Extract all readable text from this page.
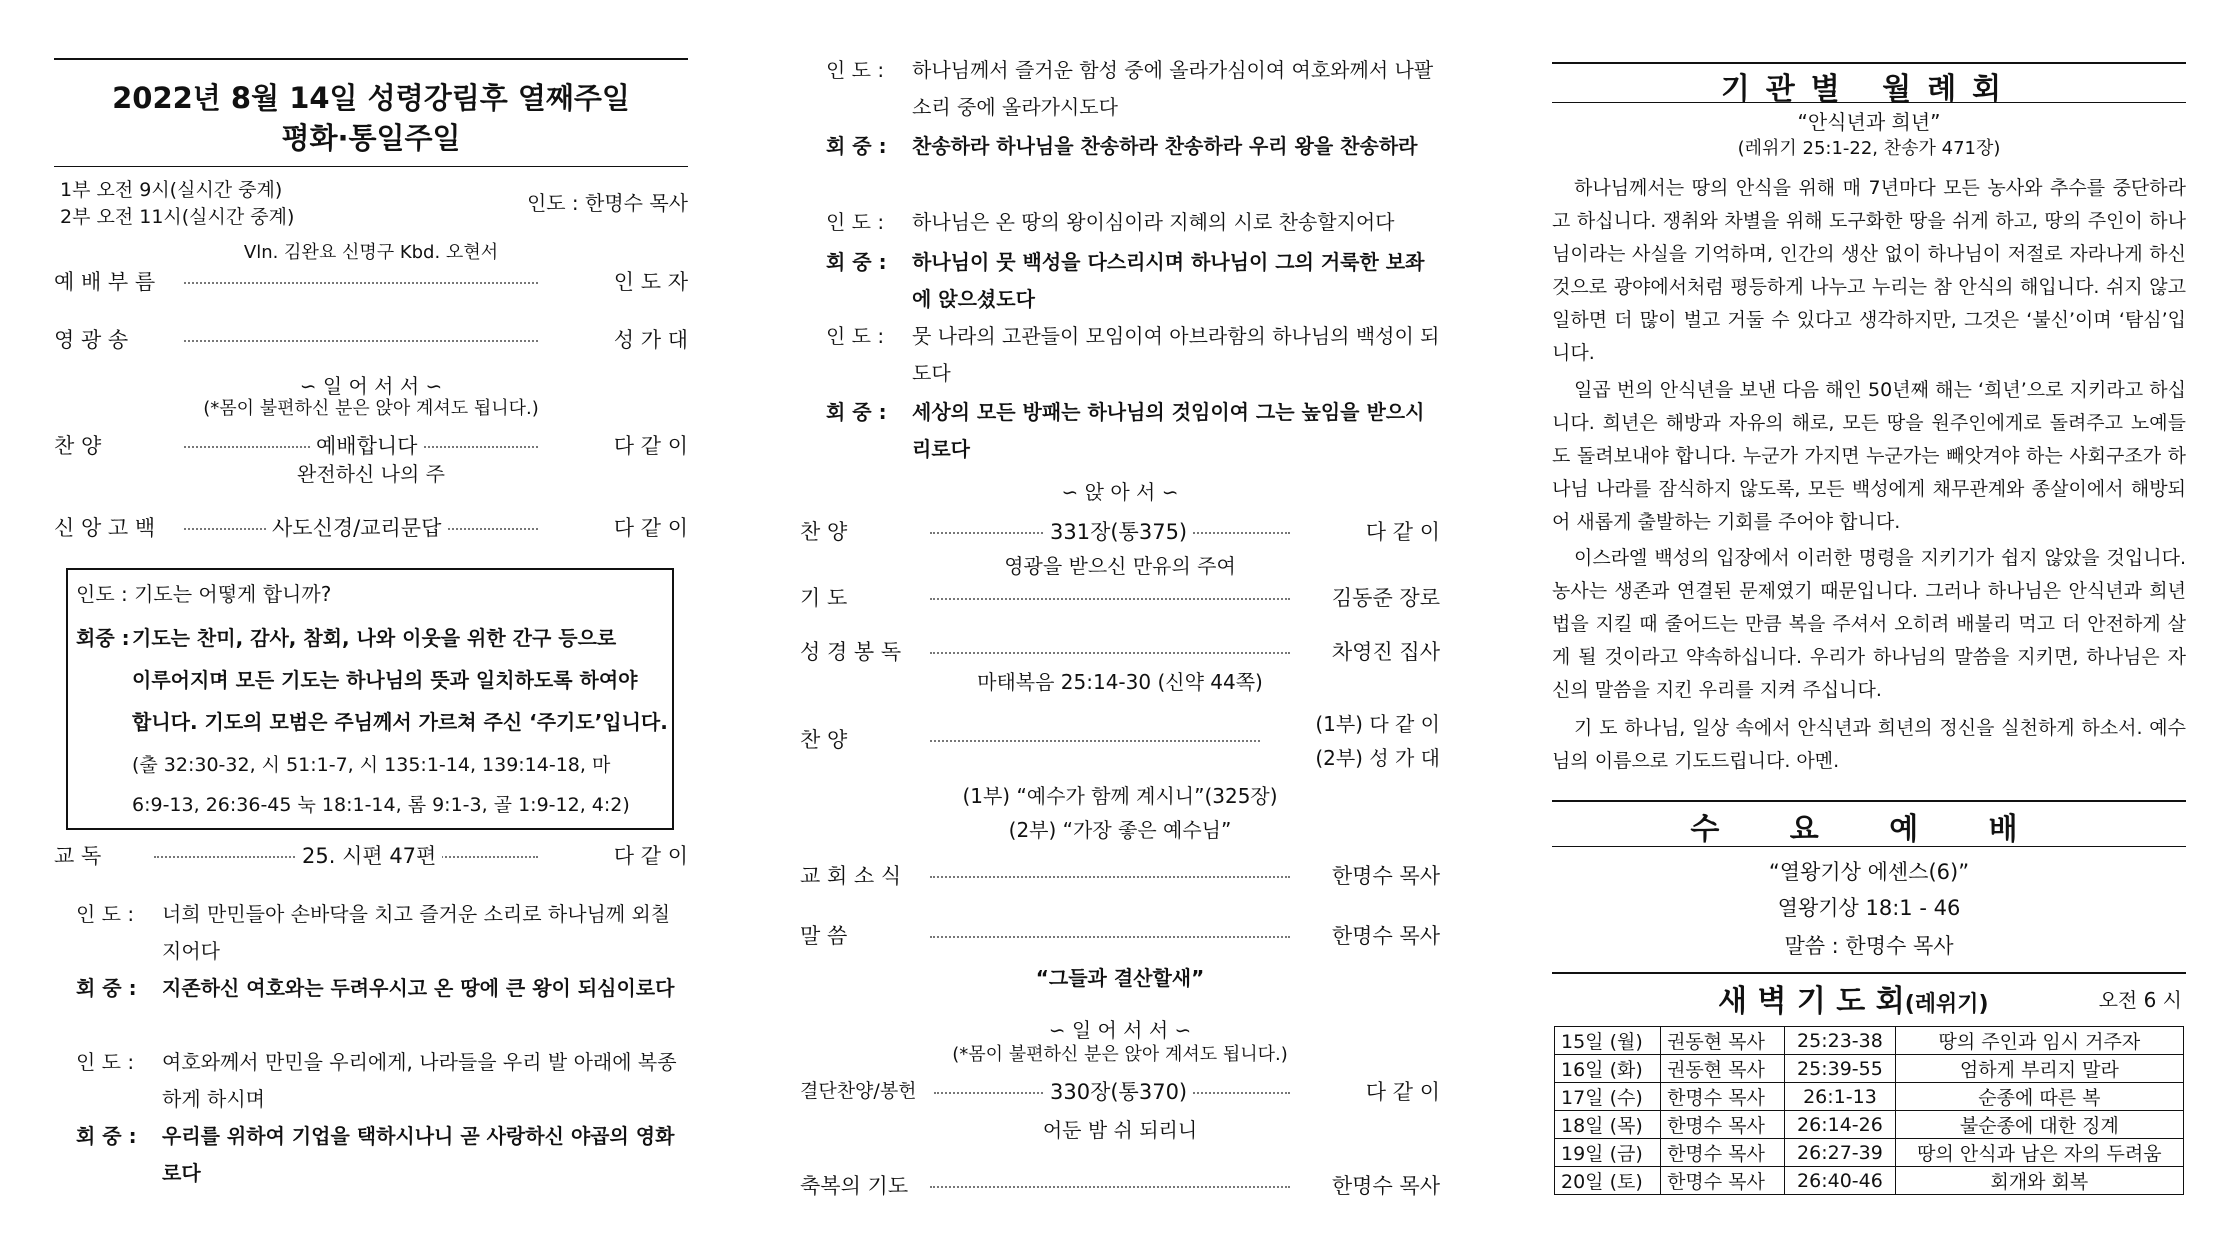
2022년 8월 14일 성령강림후 열째주일
평화·통일주일
1부 오전 9시(실시간 중계)
2부 오전 11시(실시간 중계)
인도 : 한명수 목사
Vln. 김완요 신명구 Kbd. 오현서
예 배 부 름	인 도 자
영 광 송	성 가 대
∽ 일 어 서 서 ∽
(*몸이 불편하신 분은 앉아 계셔도 됩니다.)
찬 양	예배합니다	다 같 이
완전하신 나의 주
신 앙 고 백	사도신경/교리문답	다 같 이
인도 : 기도는 어떻게 합니까?
회중 : 기도는 찬미, 감사, 참회, 나와 이웃을 위한 간구 등으로
이루어지며 모든 기도는 하나님의 뜻과 일치하도록 하여야
합니다. 기도의 모범은 주님께서 가르쳐 주신 ‘주기도’입니다.
(출 32:30-32, 시 51:1-7, 시 135:1-14, 139:14-18, 마
6:9-13, 26:36-45 눅 18:1-14, 롬 9:1-3, 골 1:9-12, 4:2)
교 독	25. 시편 47편	다 같 이
인 도 : 너희 만민들아 손바닥을 치고 즐거운 소리로 하나님께 외칠지어다
회 중 : 지존하신 여호와는 두려우시고 온 땅에 큰 왕이 되심이로다
인 도 : 여호와께서 만민을 우리에게, 나라들을 우리 발 아래에 복종하게 하시며
회 중 : 우리를 위하여 기업을 택하시나니 곧 사랑하신 야곱의 영화로다
인 도 : 하나님께서 즐거운 함성 중에 올라가심이여 여호와께서 나팔소리 중에 올라가시도다
회 중 : 찬송하라 하나님을 찬송하라 찬송하라 우리 왕을 찬송하라
인 도 : 하나님은 온 땅의 왕이심이라 지혜의 시로 찬송할지어다
회 중 : 하나님이 뭇 백성을 다스리시며 하나님이 그의 거룩한 보좌에 앉으셨도다
인 도 : 뭇 나라의 고관들이 모임이여 아브라함의 하나님의 백성이 되도다
회 중 : 세상의 모든 방패는 하나님의 것임이여 그는 높임을 받으시리로다
∽ 앉 아 서 ∽
찬 양	331장(통375)	다 같 이
영광을 받으신 만유의 주여
기 도	김동준 장로
성 경 봉 독	차영진 집사
마태복음 25:14-30 (신약 44쪽)
찬 양
(1부) 다 같 이
(2부) 성 가 대
(1부) “예수가 함께 계시니”(325장)
(2부) “가장 좋은 예수님”
교 회 소 식	한명수 목사
말 씀	한명수 목사
“그들과 결산할새”
∽ 일 어 서 서 ∽
(*몸이 불편하신 분은 앉아 계셔도 됩니다.)
결단찬양/봉헌	330장(통370)	다 같 이
어둔 밤 쉬 되리니
축복의 기도	한명수 목사
기관별 월례회
“안식년과 희년”
(레위기 25:1-22, 찬송가 471장)
하나님께서는 땅의 안식을 위해 매 7년마다 모든 농사와 추수를 중단하라고 하십니다. 쟁취와 차별을 위해 도구화한 땅을 쉬게 하고, 땅의 주인이 하나님이라는 사실을 기억하며, 인간의 생산 없이 하나님이 저절로 자라나게 하신 것으로 광야에서처럼 평등하게 나누고 누리는 참 안식의 해입니다. 쉬지 않고 일하면 더 많이 벌고 거둘 수 있다고 생각하지만, 그것은 ‘불신’이며 ‘탐심’입니다.
일곱 번의 안식년을 보낸 다음 해인 50년째 해는 ‘희년’으로 지키라고 하십니다. 희년은 해방과 자유의 해로, 모든 땅을 원주인에게로 돌려주고 노예들도 돌려보내야 합니다. 누군가 가지면 누군가는 빼앗겨야 하는 사회구조가 하나님 나라를 잠식하지 않도록, 모든 백성에게 채무관계와 종살이에서 해방되어 새롭게 출발하는 기회를 주어야 합니다.
이스라엘 백성의 입장에서 이러한 명령을 지키기가 쉽지 않았을 것입니다. 농사는 생존과 연결된 문제였기 때문입니다. 그러나 하나님은 안식년과 희년 법을 지킬 때 줄어드는 만큼 복을 주셔서 오히려 배불리 먹고 더 안전하게 살게 될 것이라고 약속하십니다. 우리가 하나님의 말씀을 지키면, 하나님은 자신의 말씀을 지킨 우리를 지켜 주십니다.
기 도 하나님, 일상 속에서 안식년과 희년의 정신을 실천하게 하소서. 예수님의 이름으로 기도드립니다. 아멘.
수 요 예 배
“열왕기상 에센스(6)”
열왕기상 18:1 - 46
말씀 : 한명수 목사
새 벽 기 도 회(레위기)	오전 6 시
15일 (월)	권동현 목사	25:23-38	땅의 주인과 임시 거주자
16일 (화)	권동현 목사	25:39-55	엄하게 부리지 말라
17일 (수)	한명수 목사	26:1-13	순종에 따른 복
18일 (목)	한명수 목사	26:14-26	불순종에 대한 징계
19일 (금)	한명수 목사	26:27-39	땅의 안식과 남은 자의 두려움
20일 (토)	한명수 목사	26:40-46	회개와 회복
